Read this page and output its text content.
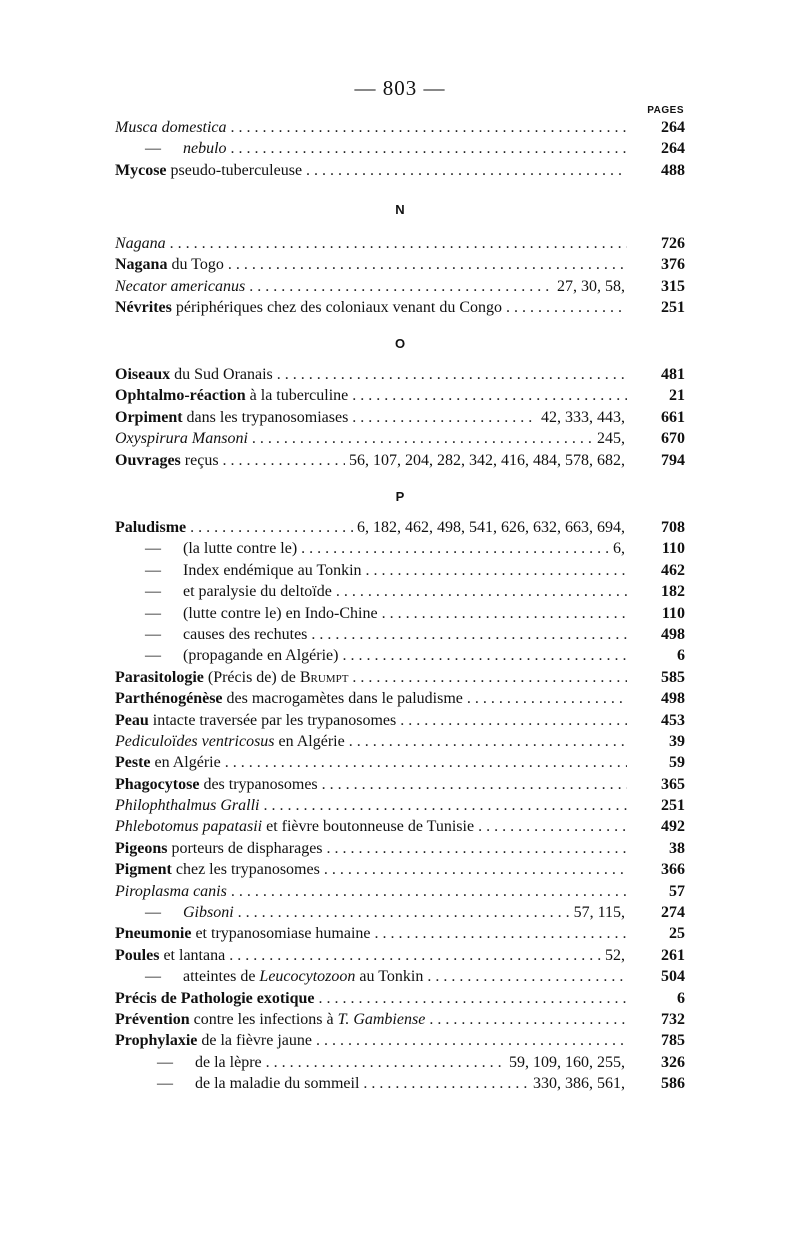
— 803 —
PAGES
Musca domestica . . .	264
— nebulo . . .	264
Mycose pseudo-tuberculeuse . . .	488
N
Nagana . . .	726
Nagana du Togo . . .	376
Necator americanus . . .	27, 30, 58,	315
Névrites périphériques chez des coloniaux venant du Congo . . .	251
O
Oiseaux du Sud Oranais . . .	481
Ophtalmo-réaction à la tuberculine . . .	21
Orpiment dans les trypanosomiases . . .	42, 333, 443,	661
Oxyspirura Mansoni . . .	245,	670
Ouvrages reçus . . .	56, 107, 204, 282, 342, 416, 484, 578, 682,	794
P
Paludisme . . .	6, 182, 462, 498, 541, 626, 632, 663, 694,	708
— (la lutte contre le) . . .	6,	110
— Index endémique au Tonkin . . .	462
— et paralysie du deltoïde . . .	182
— (lutte contre le) en Indo-Chine . . .	110
— causes des rechutes . . .	498
— (propagande en Algérie) . . .	6
Parasitologie (Précis de) de Brumpt . . .	585
Parthénogénèse des macrogamètes dans le paludisme . . .	498
Peau intacte traversée par les trypanosomes . . .	453
Pediculoïdes ventricosus en Algérie . . .	39
Peste en Algérie . . .	59
Phagocytose des trypanosomes . . .	365
Philophthalmus Gralli . . .	251
Phlebotomus papatasii et fièvre boutonneuse de Tunisie . . .	492
Pigeons porteurs de dispharages . . .	38
Pigment chez les trypanosomes . . .	366
Piroplasma canis . . .	57
— Gibsoni . . .	57, 115,	274
Pneumonie et trypanosomiase humaine . . .	25
Poules et lantana . . .	52,	261
— atteintes de Leucocytozoon au Tonkin . . .	504
Précis de Pathologie exotique . . .	6
Prévention contre les infections à T. Gambiense . . .	732
Prophylaxie de la fièvre jaune . . .	785
— de la lèpre . . .	59, 109, 160, 255,	326
— de la maladie du sommeil . . .	330, 386, 561,	586
